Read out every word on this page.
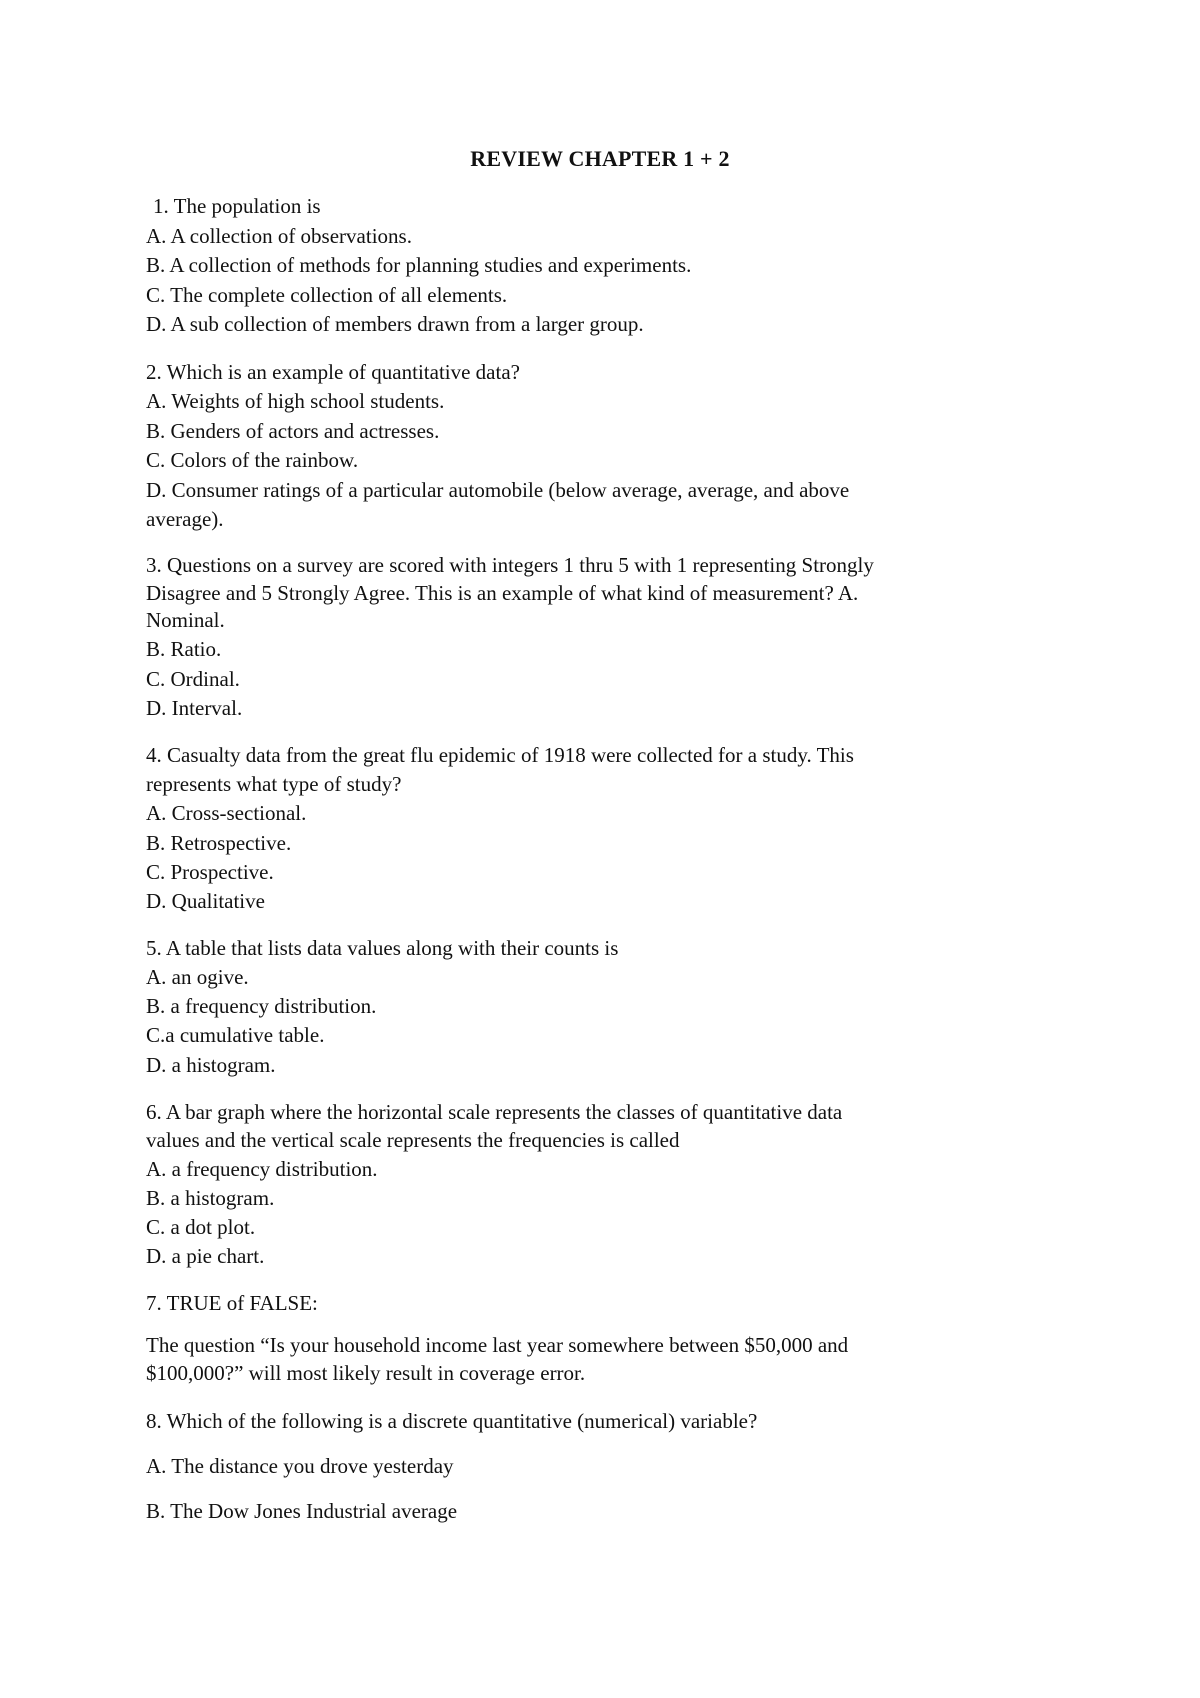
REVIEW CHAPTER 1 + 2
1. The population is
A. A collection of observations.
B. A collection of methods for planning studies and experiments.
C. The complete collection of all elements.
D. A sub collection of members drawn from a larger group.
2. Which is an example of quantitative data?
A. Weights of high school students.
B. Genders of actors and actresses.
C. Colors of the rainbow.
D. Consumer ratings of a particular automobile (below average, average, and above
average).
3. Questions on a survey are scored with integers 1 thru 5 with 1 representing Strongly
Disagree and 5 Strongly Agree. This is an example of what kind of measurement? A.
Nominal.
B. Ratio.
C. Ordinal.
D. Interval.
4. Casualty data from the great flu epidemic of 1918 were collected for a study. This
represents what type of study?
A. Cross-sectional.
B. Retrospective.
C. Prospective.
D. Qualitative
5. A table that lists data values along with their counts is
A. an ogive.
B. a frequency distribution.
C.a cumulative table.
D. a histogram.
6. A bar graph where the horizontal scale represents the classes of quantitative data
values and the vertical scale represents the frequencies is called
A. a frequency distribution.
B. a histogram.
C. a dot plot.
D. a pie chart.
7. TRUE of FALSE:
The question “Is your household income last year somewhere between $50,000 and
$100,000?” will most likely result in coverage error.
8. Which of the following is a discrete quantitative (numerical) variable?
A. The distance you drove yesterday
B. The Dow Jones Industrial average
